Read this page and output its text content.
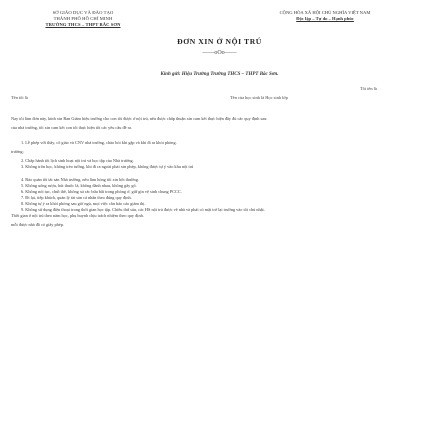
SỞ GIÁO DỤC VÀ ĐÀO TẠO
THÀNH PHỐ HỒ CHÍ MINH
TRƯỜNG THCS – THPT BẮC SƠN
CỘNG HÒA XÃ HỘI CHỦ NGHĨA VIỆT NAM
Độc lập – Tự do – Hạnh phúc
ĐƠN XIN Ở NỘI TRÚ
——oOo——
Kính gửi: Hiệu Trưởng Trường THCS – THPT Bắc Sơn.
Tôi tên là
Tên tôi là	Tên của học sinh là Học sinh lớp

Nay tôi làm đơn này, kính xin Ban Giám hiệu trường cho con tôi được ở nội trú, nếu được chấp thuận xin cam kết thực hiện đầy đủ các quy định sau:

của nhà trường, tôi xin cam kết con tôi thực hiện tốt các yêu cầu đề ra.

1. Lễ phép với thầy, cô giáo và CNV nhà trường, chào hỏi khi gặp và khi đi ra khỏi phòng.

trường;

2. Chấp hành tốt lịch sinh hoạt nội trú và học tập của Nhà trường.

3. Không trốn học, không trèo tường, khi đi ra ngoài phải xin phép, không được tự ý vào khu nội trú

4. Bảo quản tốt tài sản Nhà trường, nếu làm hỏng tôi xin bồi thường.

5. Không uống rượu, hút thuốc lá, không đánh nhau, không gây gổ.

6. Không nói tục, chửi thề, không xả rác bừa bãi trong phòng ở, giữ gìn vệ sinh chung PCCC.

7. Đi lại, tiếp khách, quản lý tài sản cá nhân theo đúng quy định.

8. Không tự ý ra khỏi phòng sau giờ ngủ, mọi việc cần báo cáo giám thị.

9. Không sử dụng điện thoại trong thời gian học tập. Chiều thứ sáu, các HS nội trú được về nhà và phải có mặt trở lại trường vào tối chủ nhật.

Thời gian ở nội trú theo năm học, phụ huynh chịu trách nhiệm theo quy định.

mỗi được nhà đã có giấy phép.
